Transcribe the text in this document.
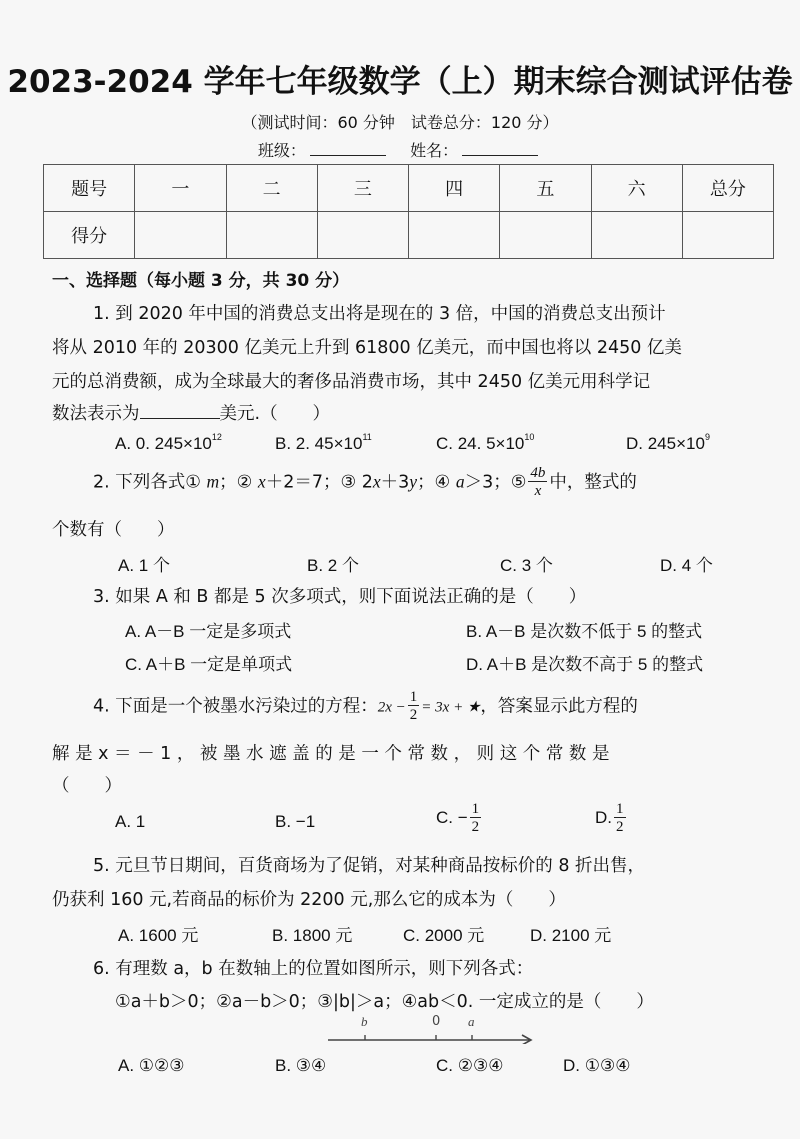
2023-2024 学年七年级数学（上）期末综合测试评估卷
（测试时间：60 分钟　试卷总分：120 分）
班级：	姓名：
题号	一	二	三	四	五	六	总分
得分							
一、选择题（每小题 3 分，共 30 分）
1. 到 2020 年中国的消费总支出将是现在的 3 倍，中国的消费总支出预计
将从 2010 年的 20300 亿美元上升到 61800 亿美元，而中国也将以 2450 亿美
元的总消费额，成为全球最大的奢侈品消费市场，其中 2450 亿美元用科学记
数法表示为	美元.（　　）
A. 0. $245\times 10^{12}$	B. 2. $45\times 10^{11}$	C. 24. $5\times 10^{10}$	D. $245\times 10^9$
2. 下列各式① m；② x＋2＝7；③ 2x＋3y；④ a＞3；⑤ $\frac{4b}{x}$ 中，整式的
个数有（　　）
A. 1 个	B. 2 个	C. 3 个	D. 4 个
3. 如果 A 和 B 都是 5 次多项式，则下面说法正确的是（　　）
A. A－B 一定是多项式	B. A－B 是次数不低于 5 的整式
C. A＋B 一定是单项式	D. A＋B 是次数不高于 5 的整式
4. 下面是一个被墨水污染过的方程：$2x - \frac{1}{2} = 3x$ + ★，答案显示此方程的
解 是 x ＝ － 1 ， 被 墨 水 遮 盖 的 是 一 个 常 数 ， 则 这 个 常 数 是
（　　）
A. 1	B. −1	C. − $\frac{1}{2}$	D. $\frac{1}{2}$
5. 元旦节日期间，百货商场为了促销，对某种商品按标价的 8 折出售，
仍获利 160 元,若商品的标价为 2200 元,那么它的成本为（　　）
A. 1600 元	B. 1800 元	C. 2000 元	D. 2100 元
6. 有理数 a，b 在数轴上的位置如图所示，则下列各式：
①a＋b＞0；②a－b＞0；③|b|＞a；④ab＜0. 一定成立的是（　　）
b	0 a
A. ①②③	B. ③④	C. ②③④	D. ①③④
